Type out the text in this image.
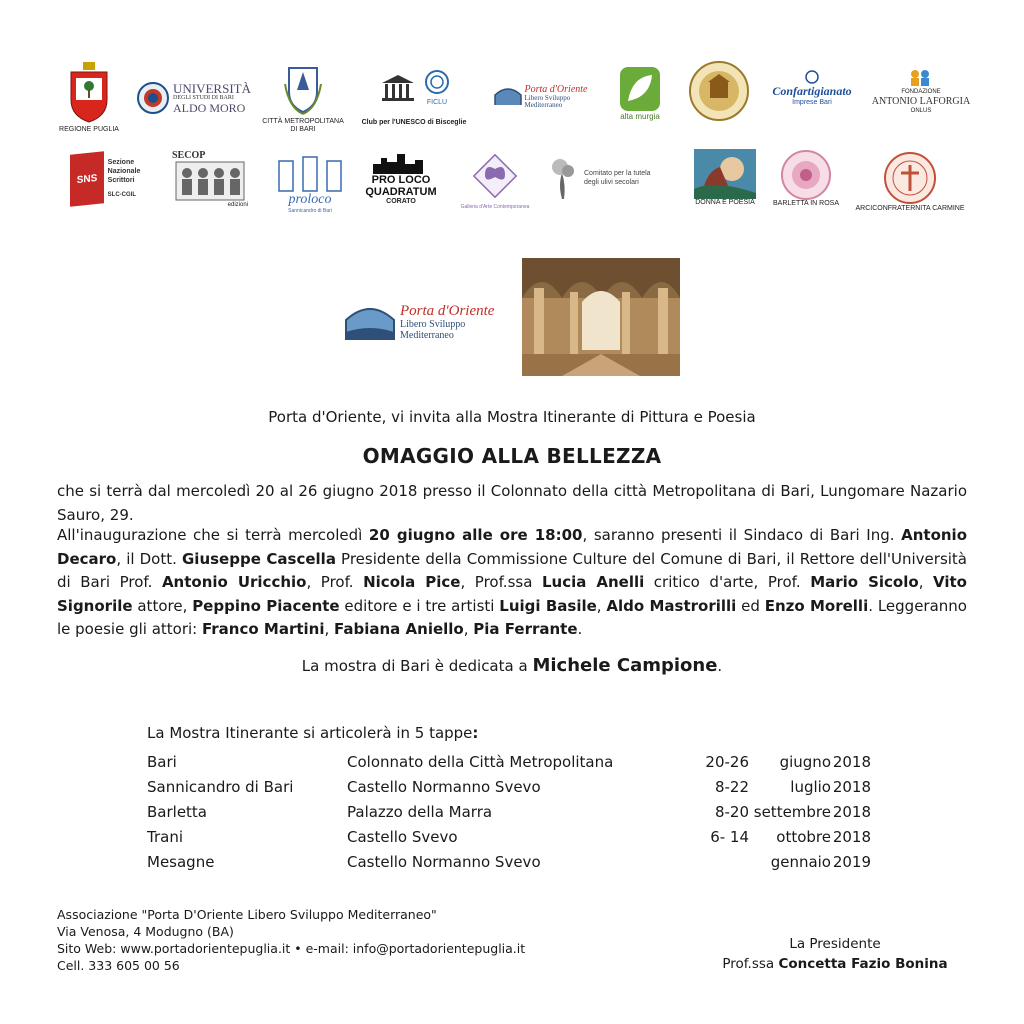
REGIONE PUGLIA
UNIVERSITÀ
DEGLI STUDI DI BARI
ALDO MORO
CITTÀ METROPOLITANA
DI BARI
FICLU
Club per l'UNESCO di Bisceglie
Porta d'Oriente
Libero Sviluppo
Mediterraneo
alta murgia
Confartigianato
Imprese Bari
FONDAZIONE
ANTONIO LAFORGIA
ONLUS
SNS
Sezione
Nazionale
Scrittori
SLC-CGIL
SECOP
edizioni	proloco
Sannicandro di Bari
PRO LOCO
QUADRATUM
CORATO
Galleria d'Arte Contemporanea
Comitato per la tutela degli ulivi secolari
DONNA E POESIA	BARLETTA IN ROSA
ARCICONFRATERNITA CARMINE
Porta d'Oriente
Libero Sviluppo
Mediterraneo
Porta d'Oriente, vi invita alla Mostra Itinerante di Pittura e Poesia
OMAGGIO ALLA BELLEZZA
che si terrà dal mercoledì 20 al 26 giugno 2018 presso il Colonnato della città Metropolitana di Bari, Lungomare Nazario Sauro, 29.
All'inaugurazione che si terrà mercoledì 20 giugno alle ore 18:00, saranno presenti il Sindaco di Bari Ing. Antonio Decaro, il Dott. Giuseppe Cascella Presidente della Commissione Culture del Comune di Bari, il Rettore dell'Università di Bari Prof. Antonio Uricchio, Prof. Nicola Pice, Prof.ssa Lucia Anelli critico d'arte, Prof. Mario Sicolo, Vito Signorile attore, Peppino Piacente editore e i tre artisti Luigi Basile, Aldo Mastrorilli ed Enzo Morelli. Leggeranno le poesie gli attori: Franco Martini, Fabiana Aniello, Pia Ferrante.
La mostra di Bari è dedicata a Michele Campione.
La Mostra Itinerante si articolerà in 5 tappe:
Bari	Colonnato della Città Metropolitana	20-26	giugno	2018
Sannicandro di Bari	Castello Normanno Svevo	8-22	luglio	2018
Barletta	Palazzo della Marra	8-20	settembre	2018
Trani	Castello Svevo	6- 14	ottobre	2018
Mesagne	Castello Normanno Svevo		gennaio	2019
Associazione "Porta D'Oriente Libero Sviluppo Mediterraneo"
Via Venosa, 4 Modugno (BA)
Sito Web: www.portadorientepuglia.it • e-mail: info@portadorientepuglia.it
Cell. 333 605 00 56
La Presidente
Prof.ssa Concetta Fazio Bonina
